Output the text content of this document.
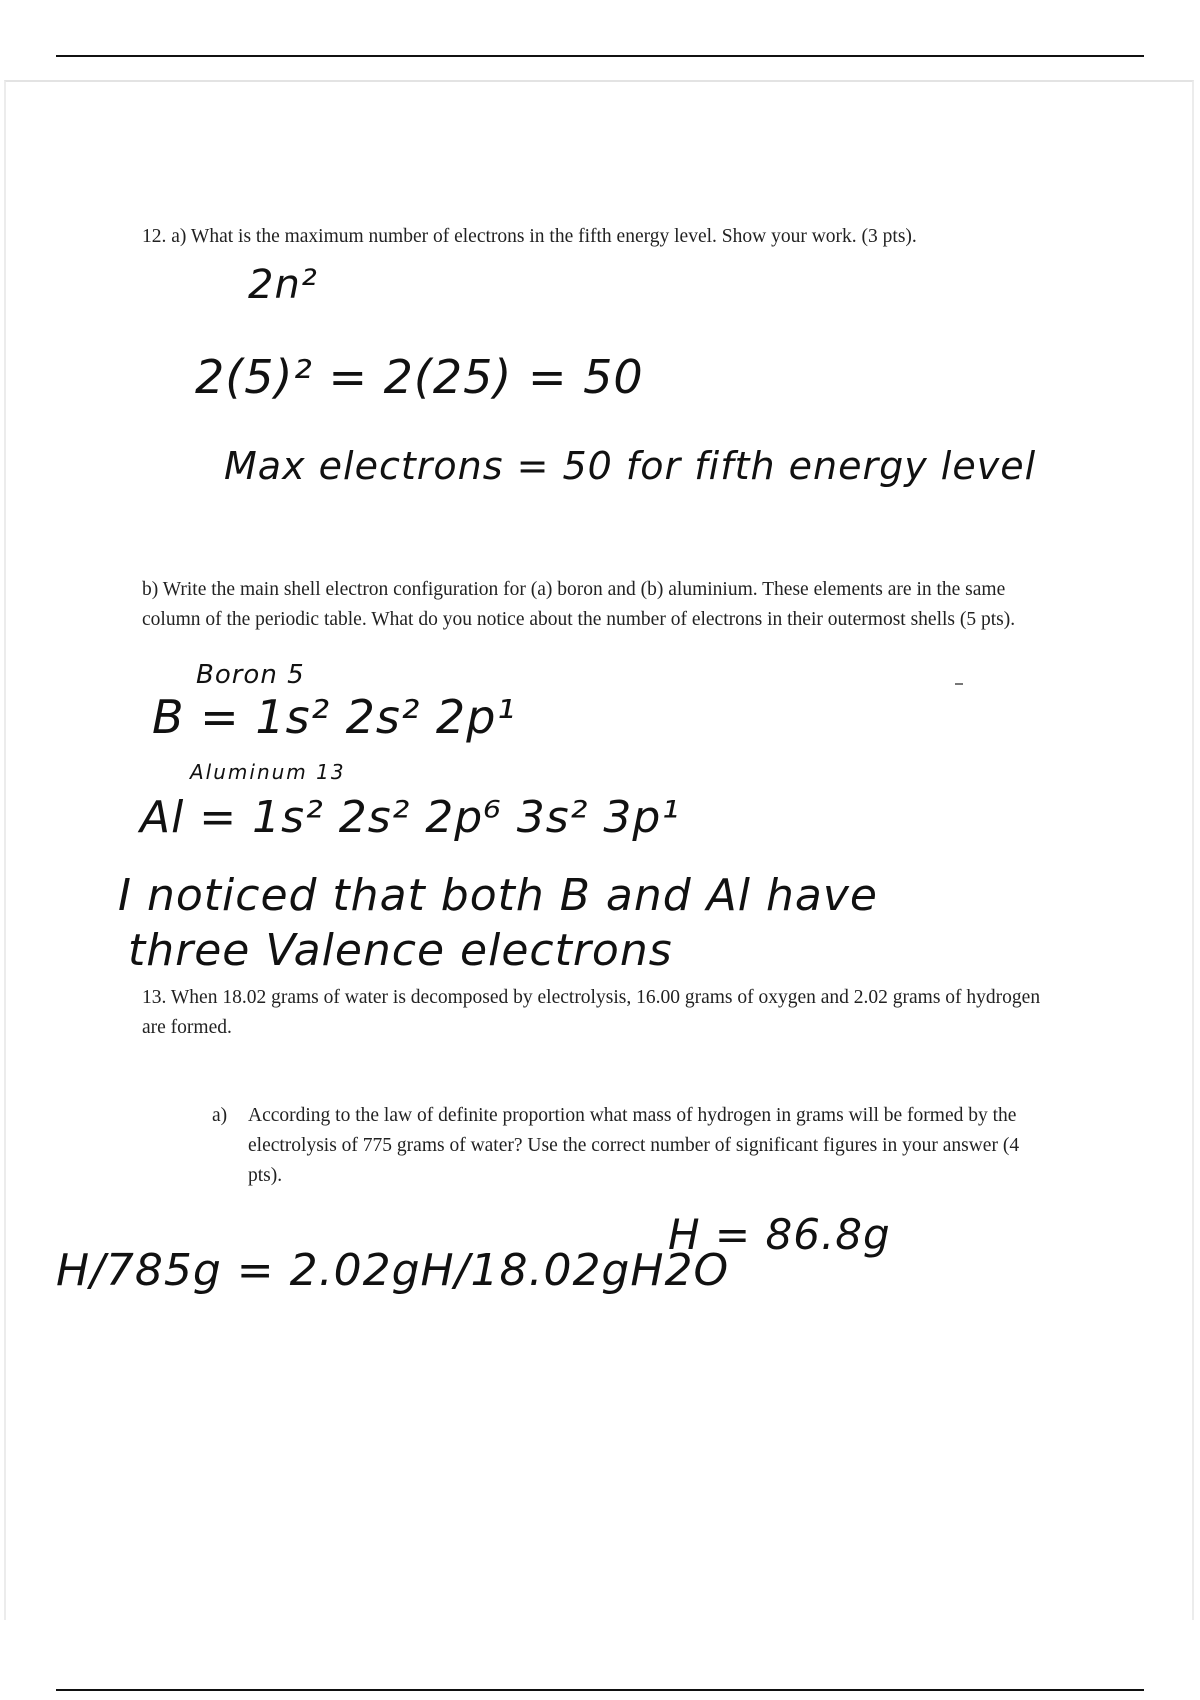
12. a) What is the maximum number of electrons in the fifth energy level. Show your work. (3 pts).
2n²
2(5)² = 2(25) = 50
Max electrons = 50 for fifth energy level
b) Write the main shell electron configuration for (a) boron and (b) aluminium. These elements are in the same column of the periodic table. What do you notice about the number of electrons in their outermost shells (5 pts).
Boron 5
B = 1s² 2s² 2p¹
Aluminum 13
Al = 1s² 2s² 2p⁶ 3s² 3p¹
I noticed that both B and Al have
three Valence electrons
13. When 18.02 grams of water is decomposed by electrolysis, 16.00 grams of oxygen and 2.02 grams of hydrogen are formed.
a) According to the law of definite proportion what mass of hydrogen in grams will be formed by the electrolysis of 775 grams of water? Use the correct number of significant figures in your answer (4 pts).
H = 86.8g
H/785g = 2.02gH/18.02gH2O
